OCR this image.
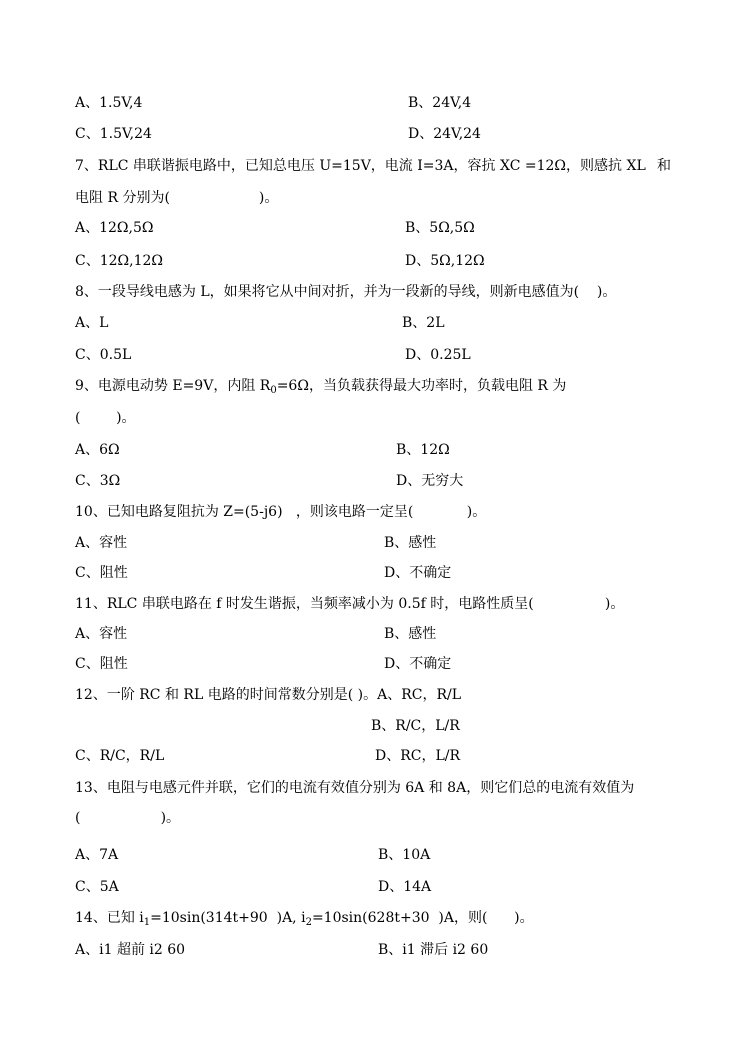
A、1.5V,4	B、24V,4
C、1.5V,24	D、24V,24
7、RLC 串联谐振电路中，已知总电压 U=15V，电流 I=3A，容抗 XC =12Ω，则感抗 XL 和
电阻 R 分别为(                    )。
A、12Ω,5Ω	B、5Ω,5Ω
C、12Ω,12Ω	D、5Ω,12Ω
8、一段导线电感为 L，如果将它从中间对折，并为一段新的导线，则新电感值为(    )。
A、L	B、2L
C、0.5L	D、0.25L
9、电源电动势 E=9V，内阻 $R_0=6\Omega$，当负载获得最大功率时，负载电阻 R 为
(        )。
A、6Ω	B、12Ω
C、3Ω	D、无穷大
10、已知电路复阻抗为 Z=(5-j6)   ，则该电路一定呈(            )。
A、容性	B、感性
C、阻性	D、不确定
11、RLC 串联电路在 f 时发生谐振，当频率减小为 0.5f 时，电路性质呈(                )。
A、容性	B、感性
C、阻性	D、不确定
12、一阶 RC 和 RL 电路的时间常数分别是( )。A、RC，R/L
B、R/C，L/R
C、R/C，R/L	D、RC，L/R
13、电阻与电感元件并联，它们的电流有效值分别为 6A 和 8A，则它们总的电流有效值为
(                  )。
A、7A	B、10A
C、5A	D、14A
14、已知 $i_1=10\sin(314t+90$  )A, $i_2=10\sin(628t+30$  )A，则(      )。
A、i1 超前 i2 60	B、i1 滞后 i2 60
